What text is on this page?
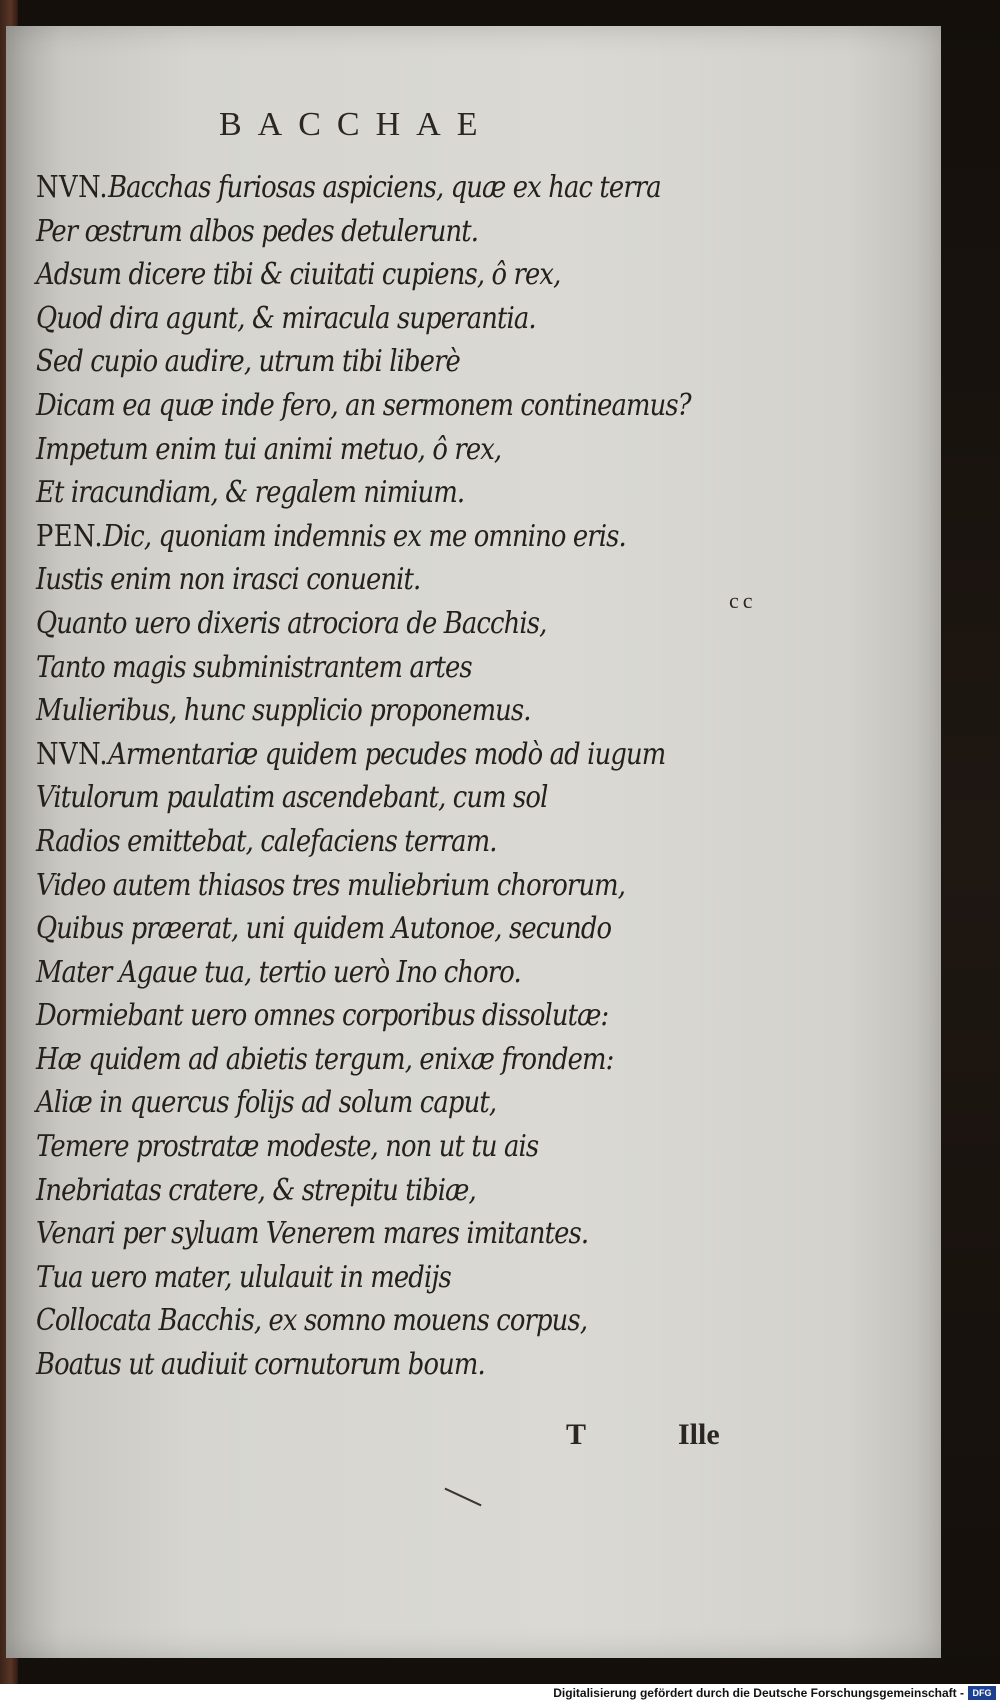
BACCHAE
NVN.Bacchas furiosas aspiciens, quæ ex hac terra
Per œstrum albos pedes detulerunt.
Adsum dicere tibi & ciuitati cupiens, ô rex,
Quod dira agunt, & miracula superantia.
Sed cupio audire, utrum tibi liberè
Dicam ea quæ inde fero, an sermonem contineamus?
Impetum enim tui animi metuo, ô rex,
Et iracundiam, & regalem nimium.
PEN.Dic, quoniam indemnis ex me omnino eris.
Iustis enim non irasci conuenit.
Quanto uero dixeris atrociora de Bacchis,
Tanto magis subministrantem artes
Mulieribus, hunc supplicio proponemus.
NVN.Armentariæ quidem pecudes modò ad iugum
Vitulorum paulatim ascendebant, cum sol
Radios emittebat, calefaciens terram.
Video autem thiasos tres muliebrium chororum,
Quibus præerat, uni quidem Autonoe, secundo
Mater Agaue tua, tertio uerò Ino choro.
Dormiebant uero omnes corporibus dissolutæ:
Hæ quidem ad abietis tergum, enixæ frondem:
Aliæ in quercus folijs ad solum caput,
Temere prostratæ modeste, non ut tu ais
Inebriatas cratere, & strepitu tibiæ,
Venari per syluam Venerem mares imitantes.
Tua uero mater, ululauit in medijs
Collocata Bacchis, ex somno mouens corpus,
Boatus ut audiuit cornutorum boum.
cc
T	Ille
Digitalisierung gefördert durch die Deutsche Forschungsgemeinschaft - DFG
